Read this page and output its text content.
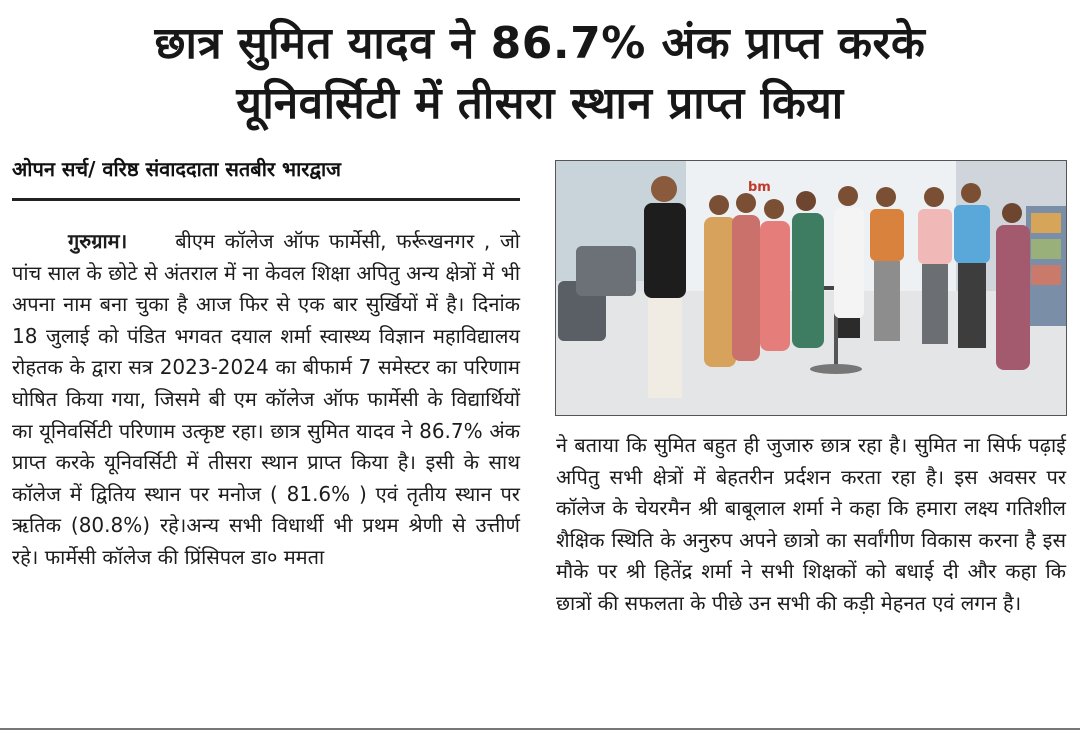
छात्र सुमित यादव ने 86.7% अंक प्राप्त करके
यूनिवर्सिटी में तीसरा स्थान प्राप्त किया
ओपन सर्च/ वरिष्ठ संवाददाता सतबीर भारद्वाज

गुरुग्राम। बीएम कॉलेज ऑफ फार्मेसी, फर्रूखनगर , जो पांच साल के छोटे से अंतराल में ना केवल शिक्षा अपितु अन्य क्षेत्रों में भी अपना नाम बना चुका है आज फिर से एक बार सुर्खियों में है। दिनांक 18 जुलाई को पंडित भगवत दयाल शर्मा स्वास्थ्य विज्ञान महाविद्यालय रोहतक के द्वारा सत्र 2023-2024 का बीफार्म 7 समेस्टर का परिणाम घोषित किया गया, जिसमे बी एम कॉलेज ऑफ फार्मेसी के विद्यार्थियों का यूनिवर्सिटी परिणाम उत्कृष्ट रहा। छात्र सुमित यादव ने 86.7% अंक प्राप्त करके यूनिवर्सिटी में तीसरा स्थान प्राप्त किया है। इसी के साथ कॉलेज में द्वितिय स्थान पर मनोज ( 81.6% ) एवं तृतीय स्थान पर ऋतिक (80.8%) रहे।अन्य सभी विधार्थी भी प्रथम श्रेणी से उत्तीर्ण रहे। फार्मेसी कॉलेज की प्रिंसिपल डा० ममता

bm

ने बताया कि सुमित बहुत ही जुजारु छात्र रहा है। सुमित ना सिर्फ पढ़ाई अपितु सभी क्षेत्रों में बेहतरीन प्रर्दशन करता रहा है। इस अवसर पर कॉलेज के चेयरमैन श्री बाबूलाल शर्मा ने कहा कि हमारा लक्ष्य गतिशील शैक्षिक स्थिति के अनुरुप अपने छात्रो का सर्वांगीण विकास करना है इस मौके पर श्री हितेंद्र शर्मा ने सभी शिक्षकों को बधाई दी और कहा कि छात्रों की सफलता के पीछे उन सभी की कड़ी मेहनत एवं लगन है।
